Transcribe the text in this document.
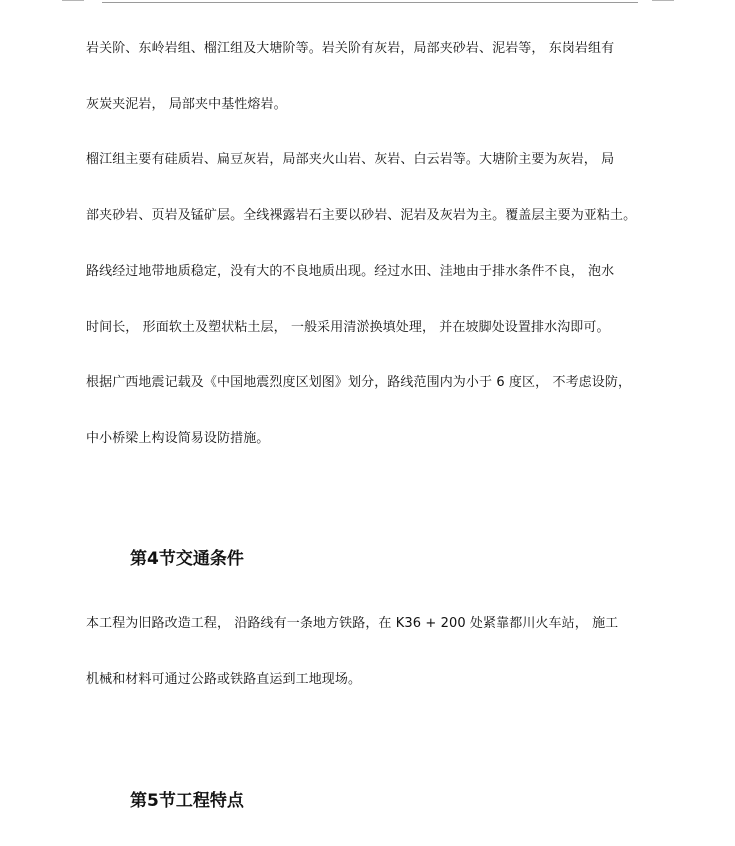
岩关阶、东岭岩组、榴江组及大塘阶等。岩关阶有灰岩，局部夹砂岩、泥岩等， 东岗岩组有
灰炭夹泥岩， 局部夹中基性熔岩。
榴江组主要有硅质岩、扁豆灰岩，局部夹火山岩、灰岩、白云岩等。大塘阶主要为灰岩， 局
部夹砂岩、页岩及锰矿层。全线裸露岩石主要以砂岩、泥岩及灰岩为主。覆盖层主要为亚粘土。
路线经过地带地质稳定，没有大的不良地质出现。经过水田、洼地由于排水条件不良， 泡水
时间长， 形面软土及塑状粘土层， 一般采用清淤换填处理， 并在坡脚处设置排水沟即可。
根据广西地震记载及《中国地震烈度区划图》划分，路线范围内为小于 6 度区， 不考虑设防，
中小桥梁上构设简易设防措施。
第4节交通条件
本工程为旧路改造工程， 沿路线有一条地方铁路，在 K36 + 200 处紧靠都川火车站， 施工
机械和材料可通过公路或铁路直运到工地现场。
第5节工程特点
